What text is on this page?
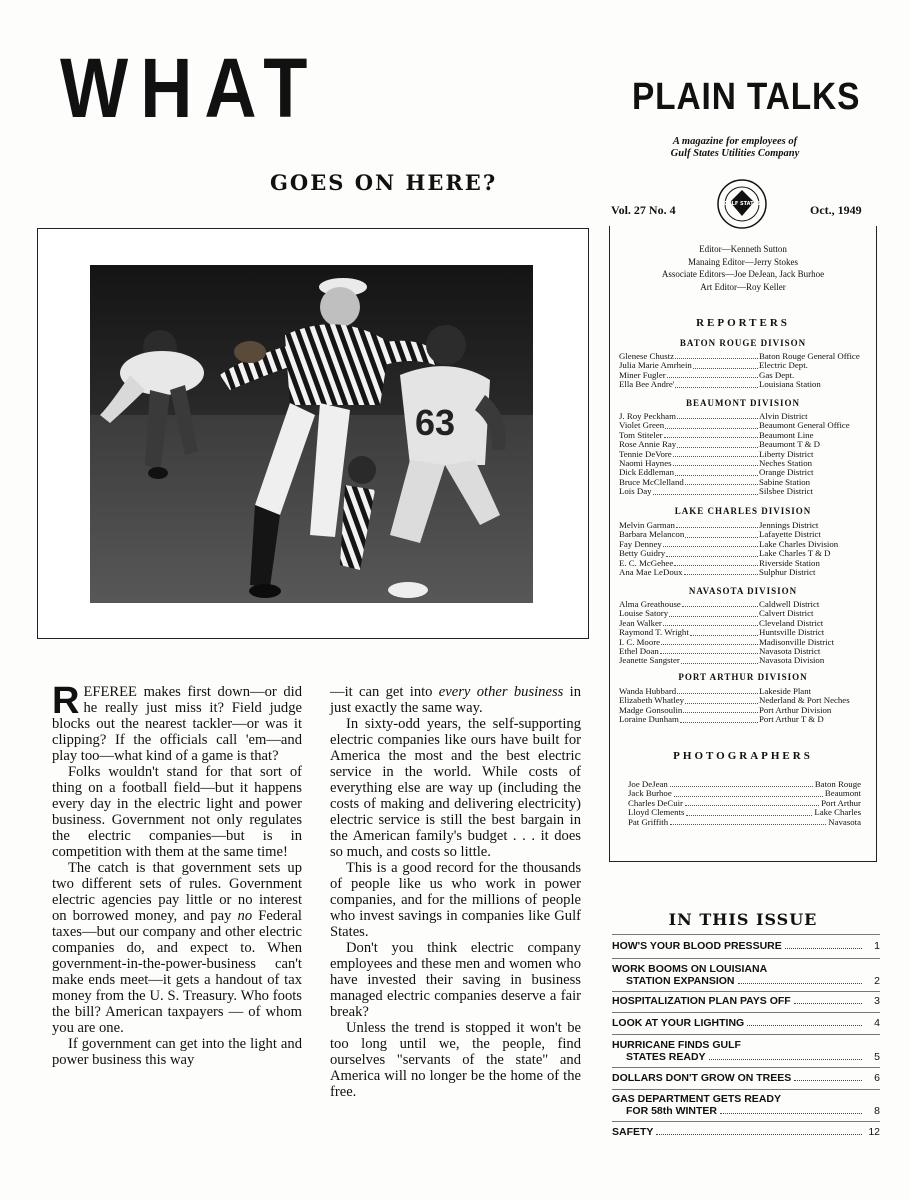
WHAT
GOES ON HERE?
63
PLAIN TALKS
A magazine for employees of
Gulf States Utilities Company
Vol. 27 No. 4	Oct., 1949
GULF STATES
Editor—Kenneth Sutton
Manaing Editor—Jerry Stokes
Associate Editors—Joe DeJean, Jack Burhoe
Art Editor—Roy Keller
REPORTERS
BATON ROUGE DIVISON
Glenese Chustz	Baton Rouge General Office
Julia Marie Amrhein	Electric Dept.
Miner Fugler	Gas Dept.
Ella Bee Andre'	Louisiana Station
BEAUMONT DIVISION
J. Roy Peckham	Alvin District
Violet Green	Beaumont General Office
Tom Stiteler	Beaumont Line
Rose Annie Ray	Beaumont T & D
Tennie DeVore	Liberty District
Naomi Haynes	Neches Station
Dick Eddleman	Orange District
Bruce McClelland	Sabine Station
Lois Day	Silsbee District
LAKE CHARLES DIVISION
Melvin Garman	Jennings District
Barbara Melancon	Lafayette District
Fay Denney	Lake Charles Division
Betty Guidry	Lake Charles T & D
E. C. McGehee	Riverside Station
Ana Mae LeDoux	Sulphur District
NAVASOTA DIVISION
Alma Greathouse	Caldwell District
Louise Satory	Calvert District
Jean Walker	Cleveland District
Raymond T. Wright	Huntsville District
I. C. Moore	Madisonville District
Ethel Doan	Navasota District
Jeanette Sangster	Navasota Division
PORT ARTHUR DIVISION
Wanda Hubbard	Lakeside Plant
Elizabeth Whatley	Nederland & Port Neches
Madge Gonsoulin	Port Arthur Division
Loraine Dunham	Port Arthur T & D
PHOTOGRAPHERS
Joe DeJean	Baton Rouge
Jack Burhoe	Beaumont
Charles DeCuir	Port Arthur
Lloyd Clements	Lake Charles
Pat Griffith	Navasota
IN THIS ISSUE
HOW'S YOUR BLOOD PRESSURE	1
WORK BOOMS ON LOUISIANA
STATION EXPANSION	2
HOSPITALIZATION PLAN PAYS OFF	3
LOOK AT YOUR LIGHTING	4
HURRICANE FINDS GULF
STATES READY	5
DOLLARS DON'T GROW ON TREES	6
GAS DEPARTMENT GETS READY
FOR 58th WINTER	8
SAFETY	12

REFEREE makes first down—or did he really just miss it? Field judge blocks out the nearest tackler—or was it clipping? If the officials call 'em—and play too—what kind of a game is that?

Folks wouldn't stand for that sort of thing on a football field—but it happens every day in the electric light and power business. Government not only regulates the electric companies—but is in competition with them at the same time!

The catch is that government sets up two different sets of rules. Government electric agencies pay little or no interest on borrowed money, and pay no Federal taxes—but our company and other electric companies do, and expect to. When government-in-the-power-business can't make ends meet—it gets a handout of tax money from the U. S. Treasury. Who foots the bill? American taxpayers — of whom you are one.

If government can get into the light and power business this way

—it can get into every other business in just exactly the same way.

In sixty-odd years, the self-supporting electric companies like ours have built for America the most and the best electric service in the world. While costs of everything else are way up (including the costs of making and delivering electricity) electric service is still the best bargain in the American family's budget . . . it does so much, and costs so little.

This is a good record for the thousands of people like us who work in power companies, and for the millions of people who invest savings in companies like Gulf States.

Don't you think electric company employees and these men and women who have invested their saving in business managed electric companies deserve a fair break?

Unless the trend is stopped it won't be too long until we, the people, find ourselves "servants of the state" and America will no longer be the home of the free.
